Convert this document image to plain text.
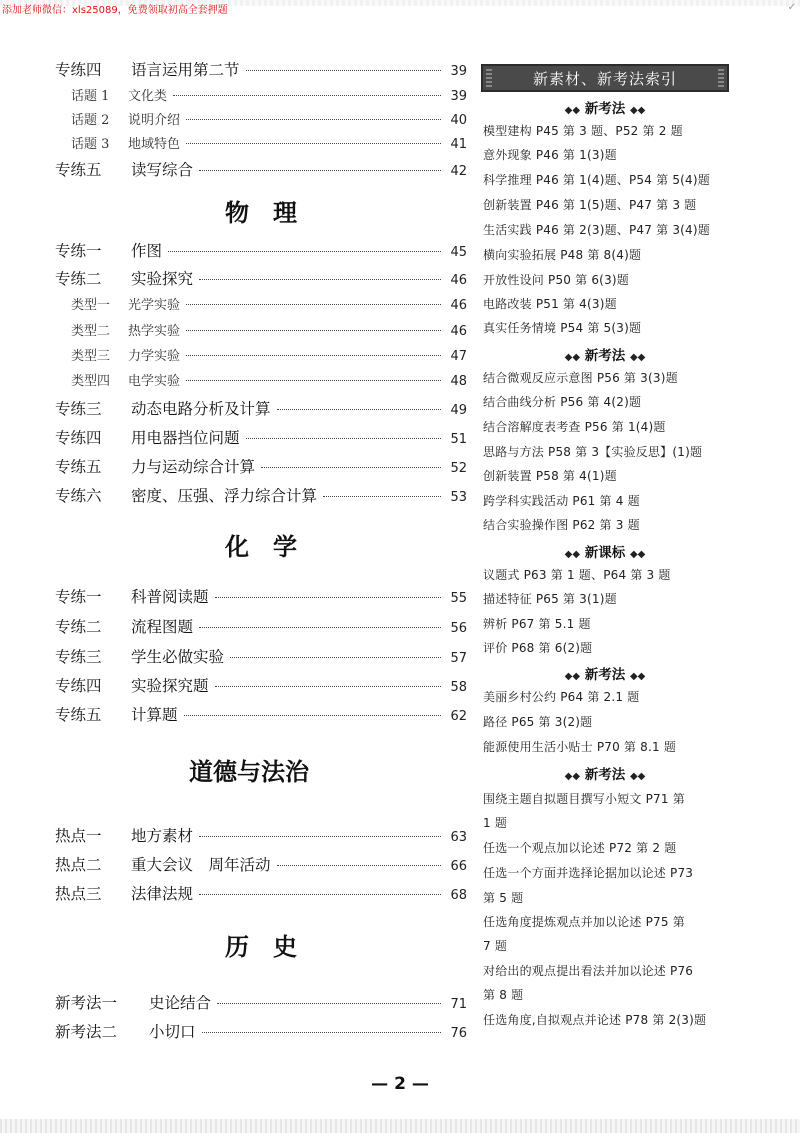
添加老师微信：xls25089，免费领取初高全套押题	✓
专练四	语言运用第二节	39
话题 1	文化类	39
话题 2	说明介绍	40
话题 3	地域特色	41
专练五	读写综合	42
物　理
专练一	作图	45
专练二	实验探究	46
类型一	光学实验	46
类型二	热学实验	46
类型三	力学实验	47
类型四	电学实验	48
专练三	动态电路分析及计算	49
专练四	用电器挡位问题	51
专练五	力与运动综合计算	52
专练六	密度、压强、浮力综合计算	53
化　学
专练一	科普阅读题	55
专练二	流程图题	56
专练三	学生必做实验	57
专练四	实验探究题	58
专练五	计算题	62
道德与法治
热点一	地方素材	63
热点二	重大会议　周年活动	66
热点三	法律法规	68
历　史
新考法一	史论结合	71
新考法二	小切口	76
新素材、新考法索引
◆◆ 新考法 ◆◆
模型建构 P45 第 3 题、P52 第 2 题
意外现象 P46 第 1(3)题
科学推理 P46 第 1(4)题、P54 第 5(4)题
创新装置 P46 第 1(5)题、P47 第 3 题
生活实践 P46 第 2(3)题、P47 第 3(4)题
横向实验拓展 P48 第 8(4)题
开放性设问 P50 第 6(3)题
电路改装 P51 第 4(3)题
真实任务情境 P54 第 5(3)题
◆◆ 新考法 ◆◆
结合微观反应示意图 P56 第 3(3)题
结合曲线分析 P56 第 4(2)题
结合溶解度表考查 P56 第 1(4)题
思路与方法 P58 第 3【实验反思】(1)题
创新装置 P58 第 4(1)题
跨学科实践活动 P61 第 4 题
结合实验操作图 P62 第 3 题
◆◆ 新课标 ◆◆
议题式 P63 第 1 题、P64 第 3 题
描述特征 P65 第 3(1)题
辨析 P67 第 5.1 题
评价 P68 第 6(2)题
◆◆ 新考法 ◆◆
美丽乡村公约 P64 第 2.1 题
路径 P65 第 3(2)题
能源使用生活小贴士 P70 第 8.1 题
◆◆ 新考法 ◆◆
围绕主题自拟题目撰写小短文 P71 第
1 题
任选一个观点加以论述 P72 第 2 题
任选一个方面并选择论据加以论述 P73
第 5 题
任选角度提炼观点并加以论述 P75 第
7 题
对给出的观点提出看法并加以论述 P76
第 8 题
任选角度,自拟观点并论述 P78 第 2(3)题
— 2 —
